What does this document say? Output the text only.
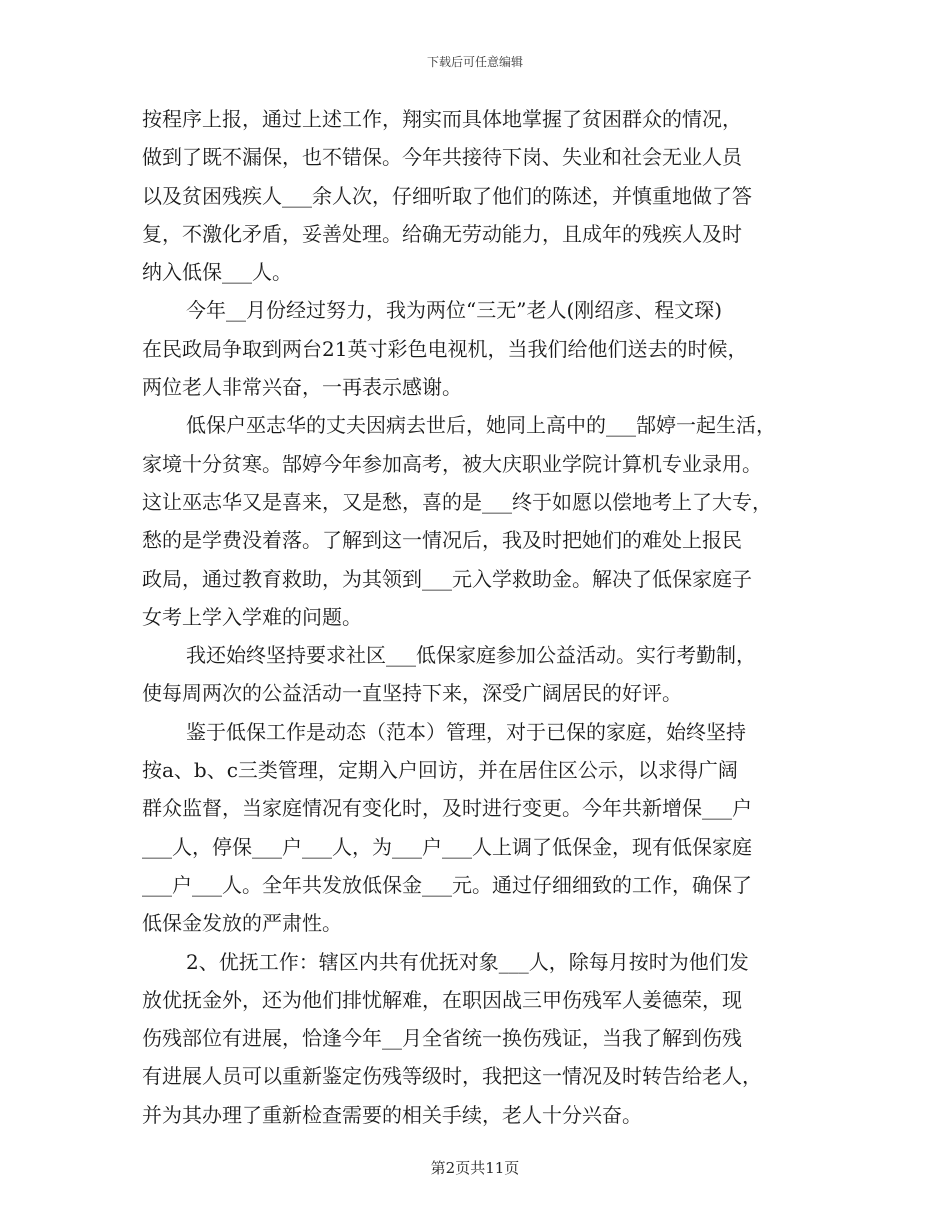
下载后可任意编辑
按程序上报，通过上述工作，翔实而具体地掌握了贫困群众的情况，
做到了既不漏保，也不错保。今年共接待下岗、失业和社会无业人员
以及贫困残疾人___余人次，仔细听取了他们的陈述，并慎重地做了答
复，不激化矛盾，妥善处理。给确无劳动能力，且成年的残疾人及时
纳入低保___人。
今年__月份经过努力，我为两位“三无”老人(刚绍彦、程文琛)
在民政局争取到两台21英寸彩色电视机，当我们给他们送去的时候，
两位老人非常兴奋，一再表示感谢。
低保户巫志华的丈夫因病去世后，她同上高中的___郜婷一起生活，
家境十分贫寒。郜婷今年参加高考，被大庆职业学院计算机专业录用。
这让巫志华又是喜来，又是愁，喜的是___终于如愿以偿地考上了大专，
愁的是学费没着落。了解到这一情况后，我及时把她们的难处上报民
政局，通过教育救助，为其领到___元入学救助金。解决了低保家庭子
女考上学入学难的问题。
我还始终坚持要求社区___低保家庭参加公益活动。实行考勤制，
使每周两次的公益活动一直坚持下来，深受广阔居民的好评。
鉴于低保工作是动态（范本）管理，对于已保的家庭，始终坚持
按a、b、c三类管理，定期入户回访，并在居住区公示，以求得广阔
群众监督，当家庭情况有变化时，及时进行变更。今年共新增保___户
___人，停保___户___人，为___户___人上调了低保金，现有低保家庭
___户___人。全年共发放低保金___元。通过仔细细致的工作，确保了
低保金发放的严肃性。
2、优抚工作：辖区内共有优抚对象___人，除每月按时为他们发
放优抚金外，还为他们排忧解难，在职因战三甲伤残军人姜德荣，现
伤残部位有进展，恰逢今年__月全省统一换伤残证，当我了解到伤残
有进展人员可以重新鉴定伤残等级时，我把这一情况及时转告给老人，
并为其办理了重新检查需要的相关手续，老人十分兴奋。
第2页共11页
